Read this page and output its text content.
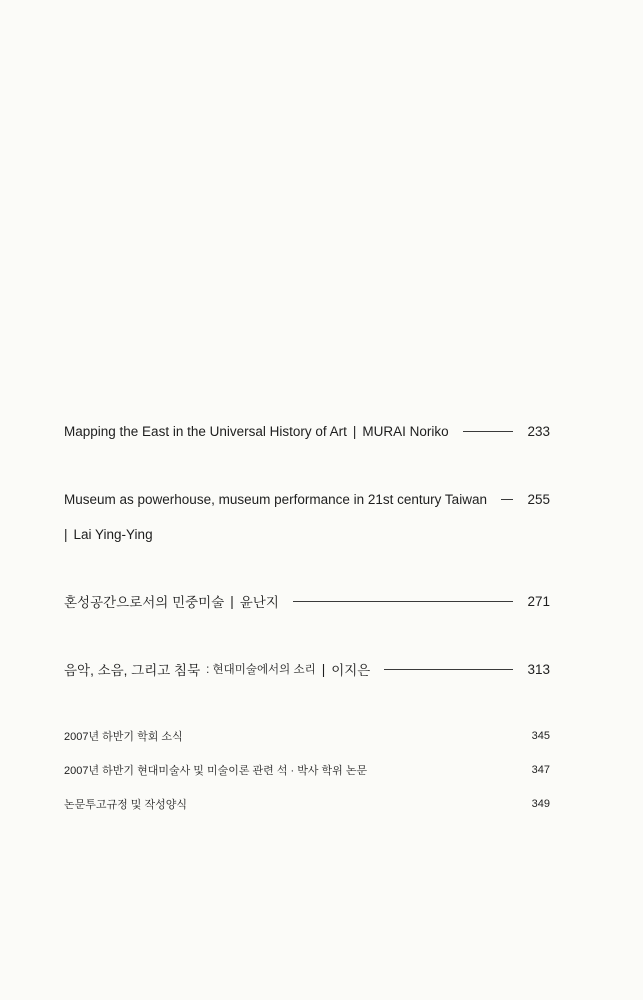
Mapping the East in the Universal History of Art | MURAI Noriko	233
Museum as powerhouse, museum performance in 21st century Taiwan	255
| Lai Ying-Ying
혼성공간으로서의 민중미술 | 윤난지	271
음악, 소음, 그리고 침묵 : 현대미술에서의 소리 | 이지은	313
2007년 하반기 학회 소식	345
2007년 하반기 현대미술사 및 미술이론 관련 석 · 박사 학위 논문	347
논문투고규정 및 작성양식	349
